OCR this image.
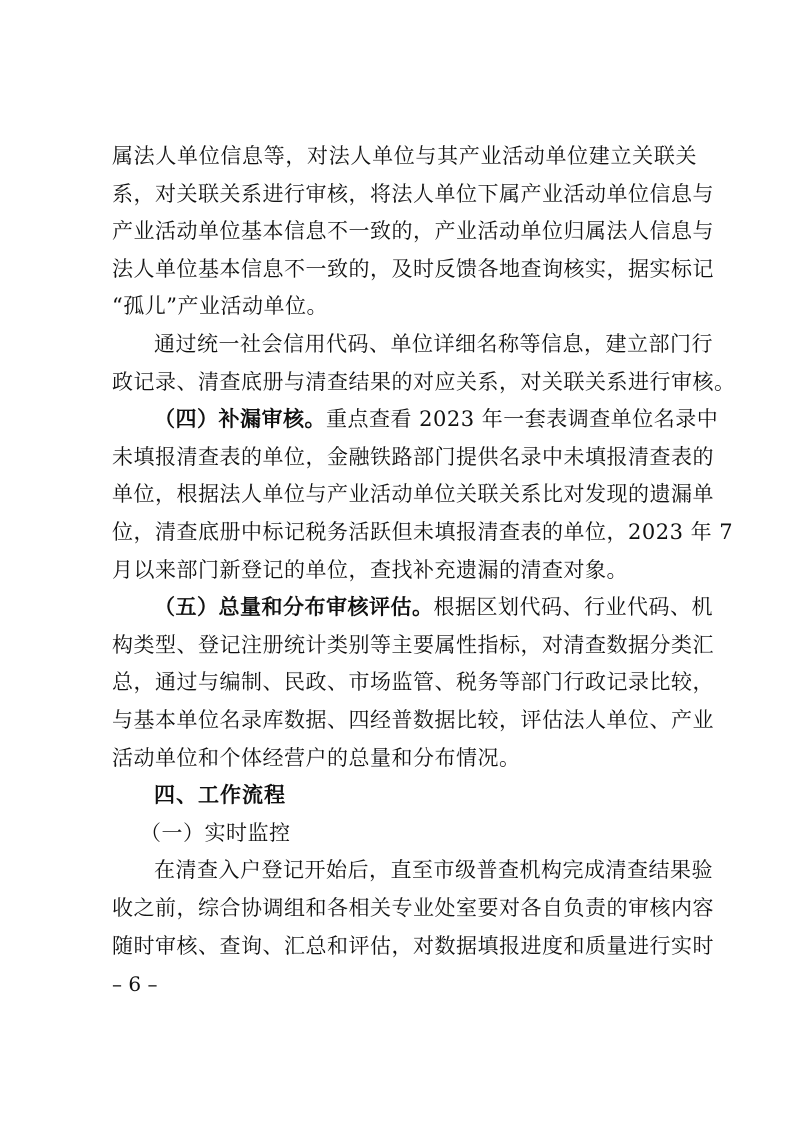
属法人单位信息等，对法人单位与其产业活动单位建立关联关
系，对关联关系进行审核，将法人单位下属产业活动单位信息与
产业活动单位基本信息不一致的，产业活动单位归属法人信息与
法人单位基本信息不一致的，及时反馈各地查询核实，据实标记
“孤儿”产业活动单位。
通过统一社会信用代码、单位详细名称等信息，建立部门行
政记录、清查底册与清查结果的对应关系，对关联关系进行审核。
（四）补漏审核。重点查看 2023 年一套表调查单位名录中
未填报清查表的单位，金融铁路部门提供名录中未填报清查表的
单位，根据法人单位与产业活动单位关联关系比对发现的遗漏单
位，清查底册中标记税务活跃但未填报清查表的单位，2023 年 7
月以来部门新登记的单位，查找补充遗漏的清查对象。
（五）总量和分布审核评估。根据区划代码、行业代码、机
构类型、登记注册统计类别等主要属性指标，对清查数据分类汇
总，通过与编制、民政、市场监管、税务等部门行政记录比较，
与基本单位名录库数据、四经普数据比较，评估法人单位、产业
活动单位和个体经营户的总量和分布情况。
四、工作流程
（一）实时监控
在清查入户登记开始后，直至市级普查机构完成清查结果验
收之前，综合协调组和各相关专业处室要对各自负责的审核内容
随时审核、查询、汇总和评估，对数据填报进度和质量进行实时
– 6 –
